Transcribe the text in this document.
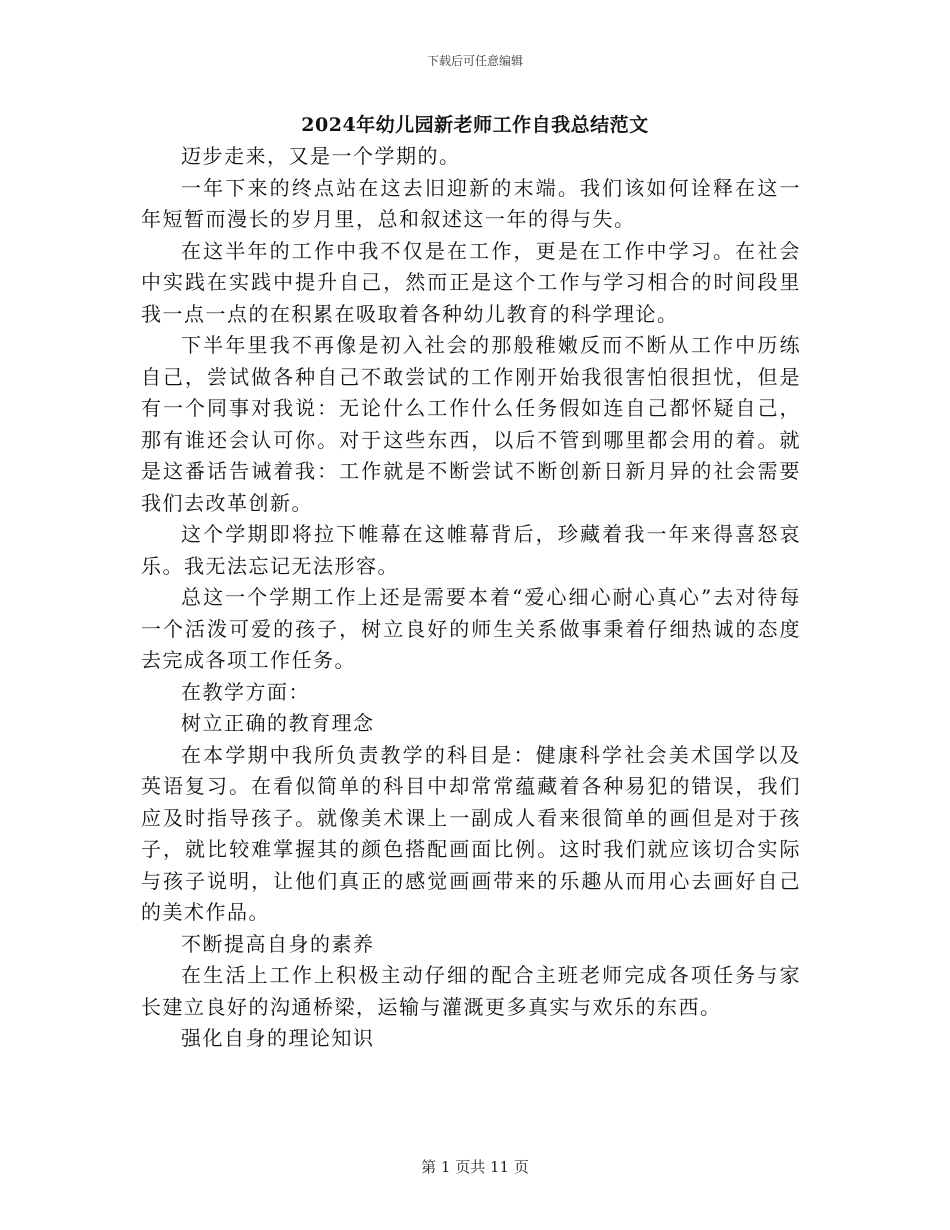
下载后可任意编辑
2024年幼儿园新老师工作自我总结范文

迈步走来，又是一个学期的。

一年下来的终点站在这去旧迎新的末端。我们该如何诠释在这一年短暂而漫长的岁月里，总和叙述这一年的得与失。

在这半年的工作中我不仅是在工作，更是在工作中学习。在社会中实践在实践中提升自己，然而正是这个工作与学习相合的时间段里我一点一点的在积累在吸取着各种幼儿教育的科学理论。

下半年里我不再像是初入社会的那般稚嫩反而不断从工作中历练自己，尝试做各种自己不敢尝试的工作刚开始我很害怕很担忧，但是有一个同事对我说：无论什么工作什么任务假如连自己都怀疑自己，那有谁还会认可你。对于这些东西，以后不管到哪里都会用的着。就是这番话告诫着我：工作就是不断尝试不断创新日新月异的社会需要我们去改革创新。

这个学期即将拉下帷幕在这帷幕背后，珍藏着我一年来得喜怒哀乐。我无法忘记无法形容。

总这一个学期工作上还是需要本着“爱心细心耐心真心”去对待每一个活泼可爱的孩子，树立良好的师生关系做事秉着仔细热诚的态度去完成各项工作任务。

在教学方面：

树立正确的教育理念

在本学期中我所负责教学的科目是：健康科学社会美术国学以及英语复习。在看似简单的科目中却常常蕴藏着各种易犯的错误，我们应及时指导孩子。就像美术课上一副成人看来很简单的画但是对于孩子，就比较难掌握其的颜色搭配画面比例。这时我们就应该切合实际与孩子说明，让他们真正的感觉画画带来的乐趣从而用心去画好自己的美术作品。

不断提高自身的素养

在生活上工作上积极主动仔细的配合主班老师完成各项任务与家长建立良好的沟通桥梁，运输与灌溉更多真实与欢乐的东西。

强化自身的理论知识

第 1 页共 11 页
